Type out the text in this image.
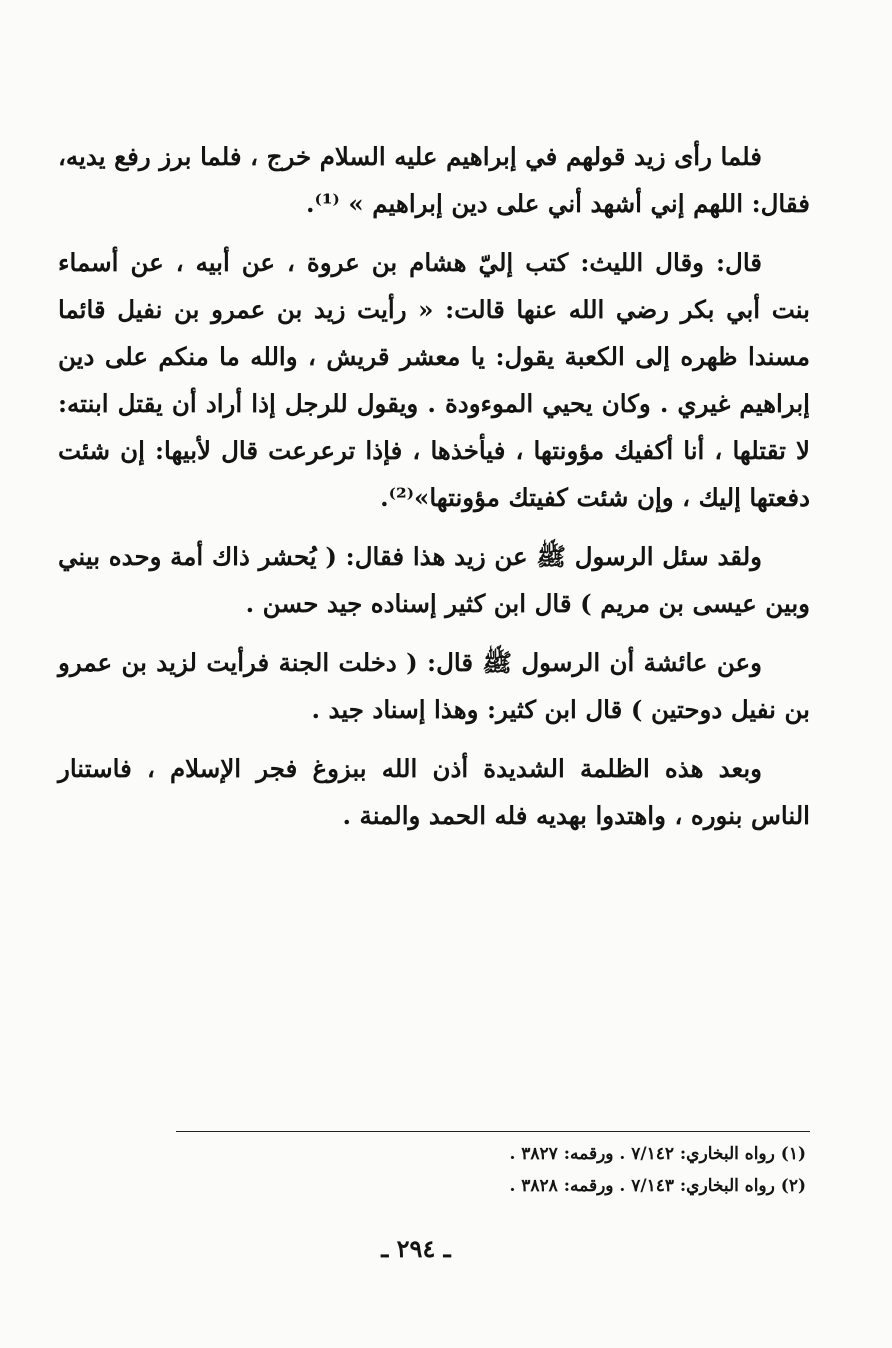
فلما رأى زيد قولهم في إبراهيم عليه السلام خرج ، فلما برز رفع يديه، فقال: اللهم إني أشهد أني على دين إبراهيم » ⁽¹⁾.

قال: وقال الليث: كتب إليّ هشام بن عروة ، عن أبيه ، عن أسماء بنت أبي بكر رضي الله عنها قالت: « رأيت زيد بن عمرو بن نفيل قائما مسندا ظهره إلى الكعبة يقول: يا معشر قريش ، والله ما منكم على دين إبراهيم غيري . وكان يحيي الموءودة . ويقول للرجل إذا أراد أن يقتل ابنته: لا تقتلها ، أنا أكفيك مؤونتها ، فيأخذها ، فإذا ترعرعت قال لأبيها: إن شئت دفعتها إليك ، وإن شئت كفيتك مؤونتها»⁽²⁾.

ولقد سئل الرسول ﷺ عن زيد هذا فقال: ( يُحشر ذاك أمة وحده بيني وبين عيسى بن مريم ) قال ابن كثير إسناده جيد حسن .

وعن عائشة أن الرسول ﷺ قال: ( دخلت الجنة فرأيت لزيد بن عمرو بن نفيل دوحتين ) قال ابن كثير: وهذا إسناد جيد .

وبعد هذه الظلمة الشديدة أذن الله ببزوغ فجر الإسلام ، فاستنار الناس بنوره ، واهتدوا بهديه فله الحمد والمنة .

(١) رواه البخاري: ٧/١٤٢ . ورقمه: ٣٨٢٧ .
(٢) رواه البخاري: ٧/١٤٣ . ورقمه: ٣٨٢٨ .
ـ ٢٩٤ ـ
